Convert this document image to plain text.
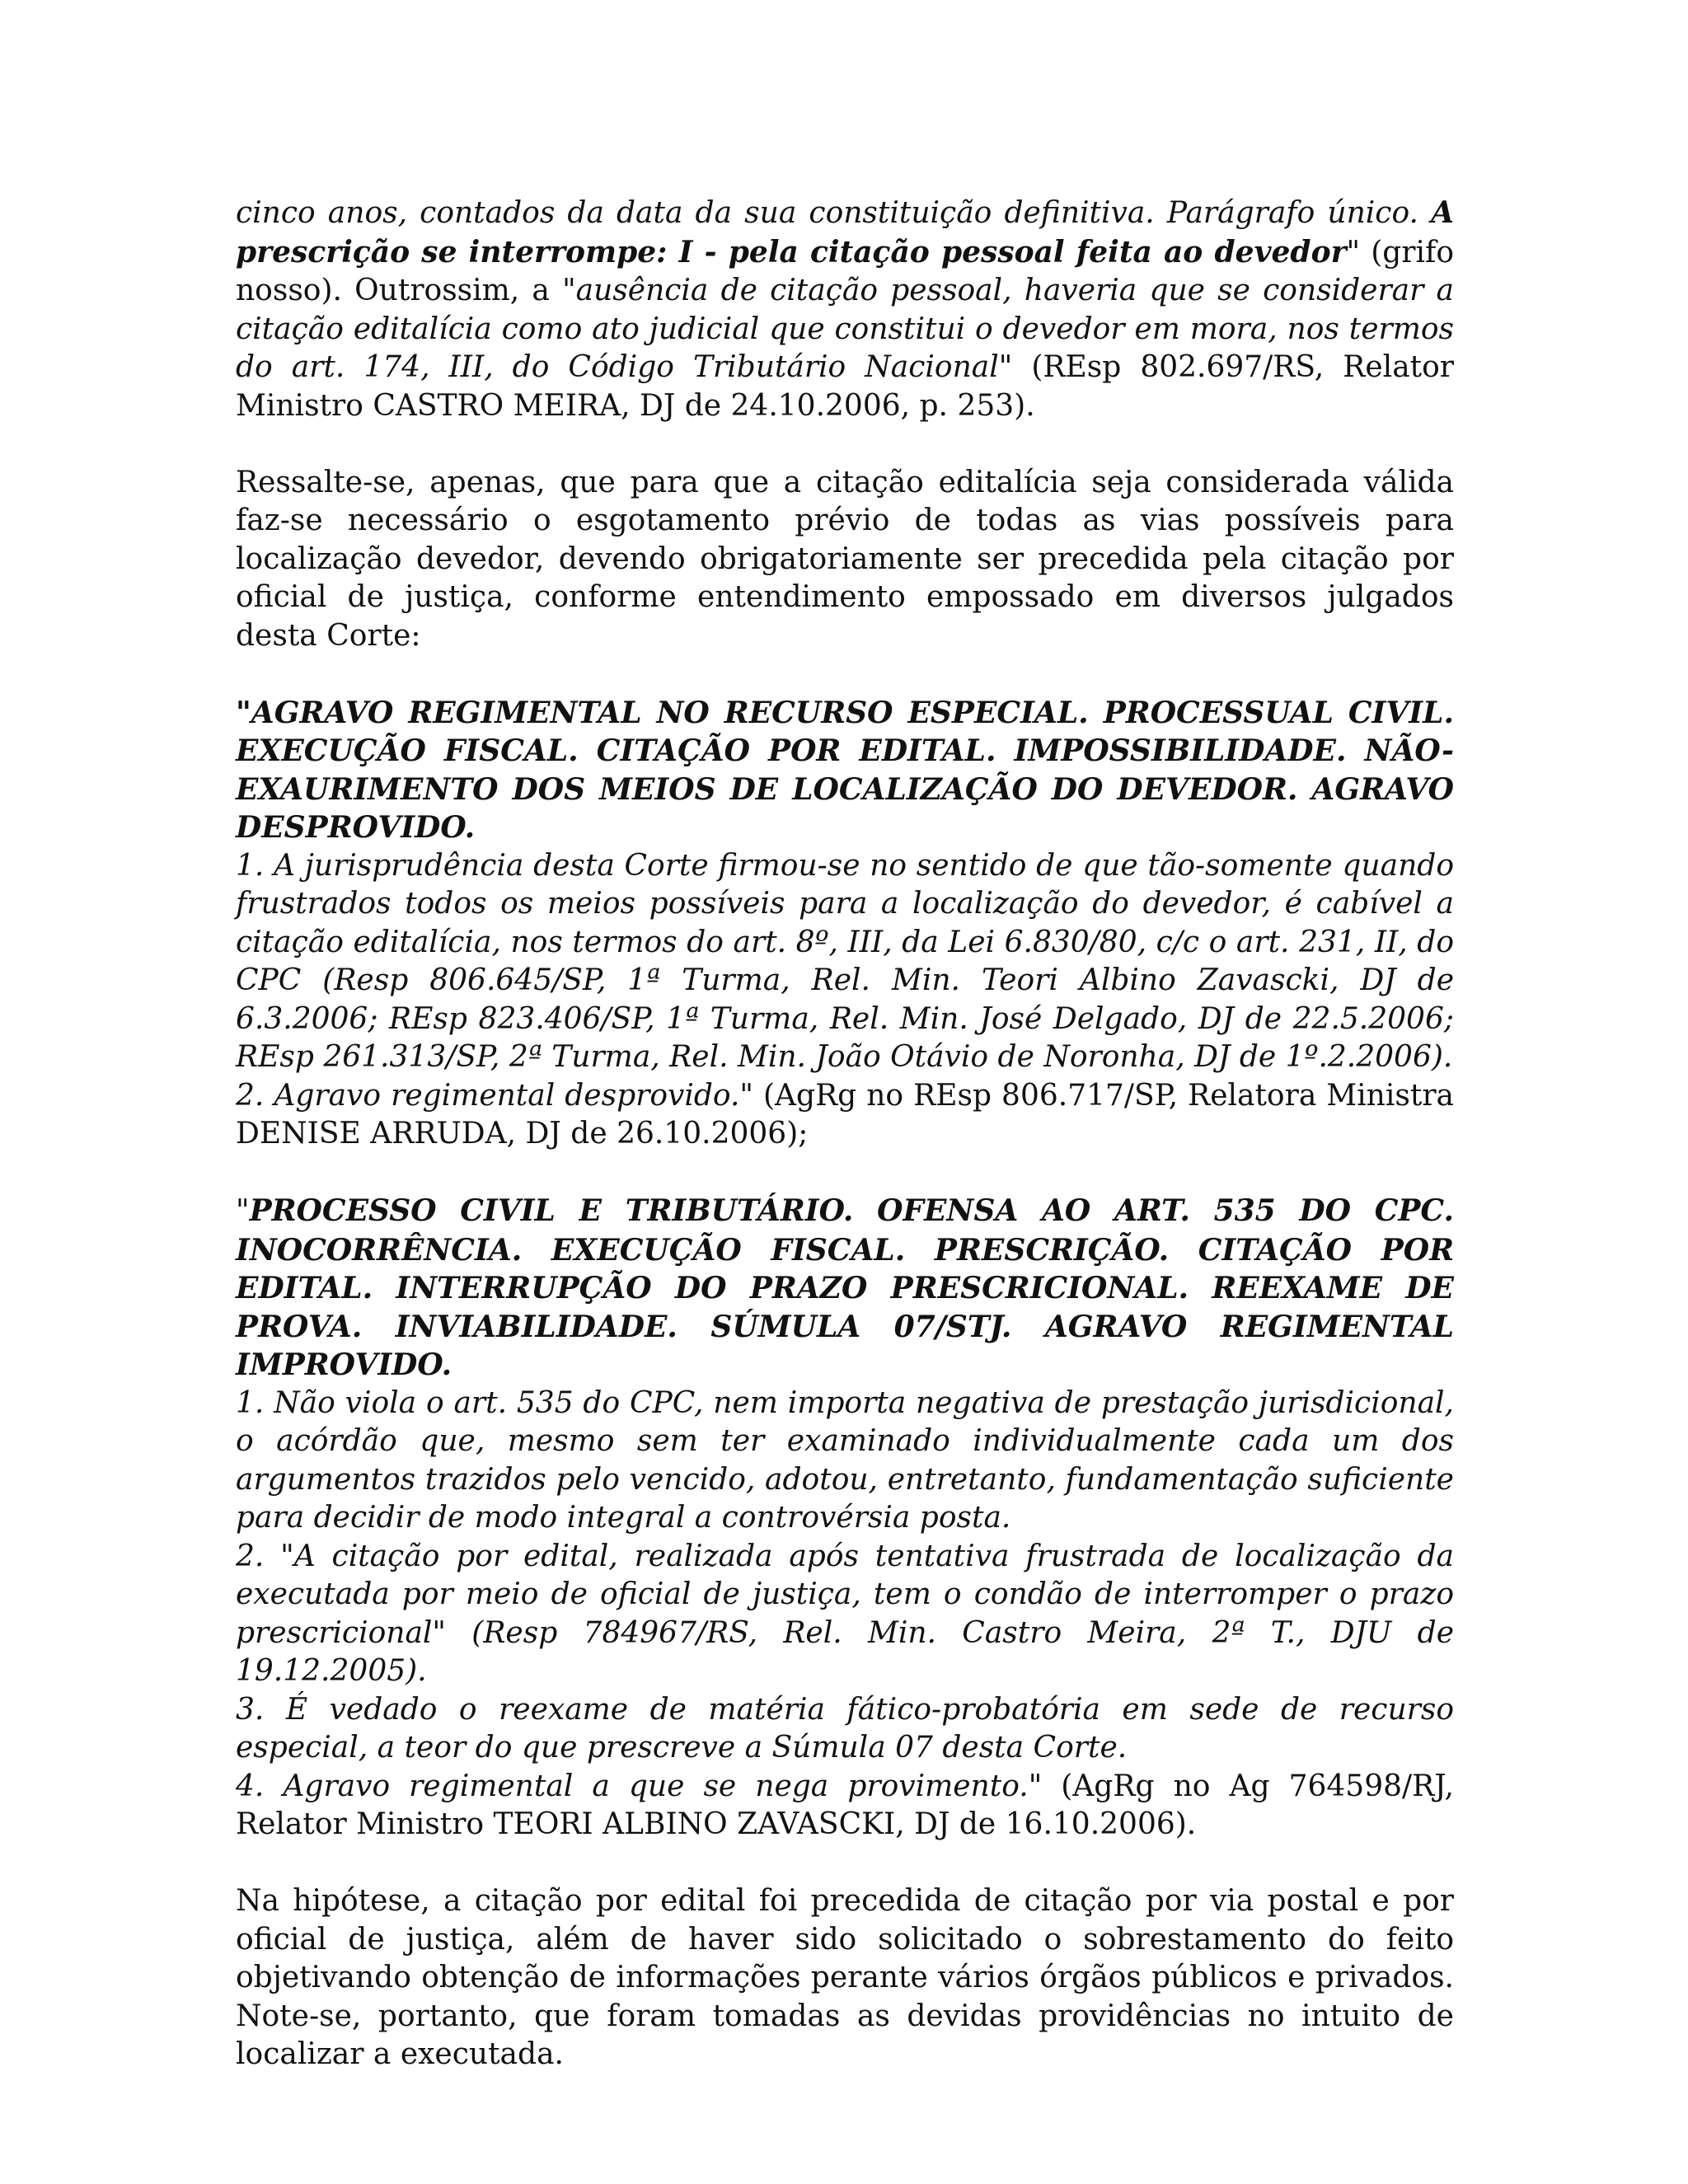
cinco anos, contados da data da sua constituição definitiva. Parágrafo único. A prescrição se interrompe: I - pela citação pessoal feita ao devedor" (grifo nosso). Outrossim, a "ausência de citação pessoal, haveria que se considerar a citação editalícia como ato judicial que constitui o devedor em mora, nos termos do art. 174, III, do Código Tributário Nacional" (REsp 802.697/RS, Relator Ministro CASTRO MEIRA, DJ de 24.10.2006, p. 253).

Ressalte-se, apenas, que para que a citação editalícia seja considerada válida faz-se necessário o esgotamento prévio de todas as vias possíveis para localização devedor, devendo obrigatoriamente ser precedida pela citação por oficial de justiça, conforme entendimento empossado em diversos julgados desta Corte:

"AGRAVO REGIMENTAL NO RECURSO ESPECIAL. PROCESSUAL CIVIL. EXECUÇÃO FISCAL. CITAÇÃO POR EDITAL. IMPOSSIBILIDADE. NÃO-EXAURIMENTO DOS MEIOS DE LOCALIZAÇÃO DO DEVEDOR. AGRAVO DESPROVIDO.

1. A jurisprudência desta Corte firmou-se no sentido de que tão-somente quando frustrados todos os meios possíveis para a localização do devedor, é cabível a citação editalícia, nos termos do art. 8º, III, da Lei 6.830/80, c/c o art. 231, II, do CPC (Resp 806.645/SP, 1ª Turma, Rel. Min. Teori Albino Zavascki, DJ de 6.3.2006; REsp 823.406/SP, 1ª Turma, Rel. Min. José Delgado, DJ de 22.5.2006; REsp 261.313/SP, 2ª Turma, Rel. Min. João Otávio de Noronha, DJ de 1º.2.2006).

2. Agravo regimental desprovido." (AgRg no REsp 806.717/SP, Relatora Ministra DENISE ARRUDA, DJ de 26.10.2006);

"PROCESSO CIVIL E TRIBUTÁRIO. OFENSA AO ART. 535 DO CPC. INOCORRÊNCIA. EXECUÇÃO FISCAL. PRESCRIÇÃO. CITAÇÃO POR EDITAL. INTERRUPÇÃO DO PRAZO PRESCRICIONAL. REEXAME DE PROVA. INVIABILIDADE. SÚMULA 07/STJ. AGRAVO REGIMENTAL IMPROVIDO.

1. Não viola o art. 535 do CPC, nem importa negativa de prestação jurisdicional, o acórdão que, mesmo sem ter examinado individualmente cada um dos argumentos trazidos pelo vencido, adotou, entretanto, fundamentação suficiente para decidir de modo integral a controvérsia posta.

2. "A citação por edital, realizada após tentativa frustrada de localização da executada por meio de oficial de justiça, tem o condão de interromper o prazo prescricional" (Resp 784967/RS, Rel. Min. Castro Meira, 2ª T., DJU de 19.12.2005).

3. É vedado o reexame de matéria fático-probatória em sede de recurso especial, a teor do que prescreve a Súmula 07 desta Corte.

4. Agravo regimental a que se nega provimento." (AgRg no Ag 764598/RJ, Relator Ministro TEORI ALBINO ZAVASCKI, DJ de 16.10.2006).

Na hipótese, a citação por edital foi precedida de citação por via postal e por oficial de justiça, além de haver sido solicitado o sobrestamento do feito objetivando obtenção de informações perante vários órgãos públicos e privados. Note-se, portanto, que foram tomadas as devidas providências no intuito de localizar a executada.
